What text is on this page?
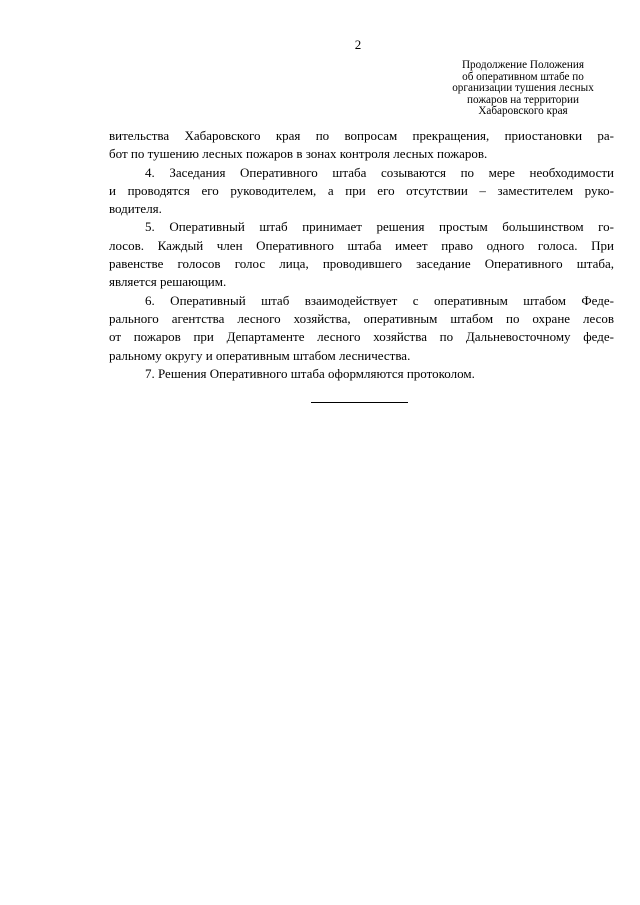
2
Продолжение Положения
об оперативном штабе по
организации тушения лесных
пожаров на территории
Хабаровского края
вительства Хабаровского края по вопросам прекращения, приостановки ра-
бот по тушению лесных пожаров в зонах контроля лесных пожаров.
4. Заседания Оперативного штаба созываются по мере необходимости
и проводятся его руководителем, а при его отсутствии – заместителем руко-
водителя.
5. Оперативный штаб принимает решения простым большинством го-
лосов. Каждый член Оперативного штаба имеет право одного голоса. При
равенстве голосов голос лица, проводившего заседание Оперативного штаба,
является решающим.
6. Оперативный штаб взаимодействует с оперативным штабом Феде-
рального агентства лесного хозяйства, оперативным штабом по охране лесов
от пожаров при Департаменте лесного хозяйства по Дальневосточному феде-
ральному округу и оперативным штабом лесничества.
7. Решения Оперативного штаба оформляются протоколом.
